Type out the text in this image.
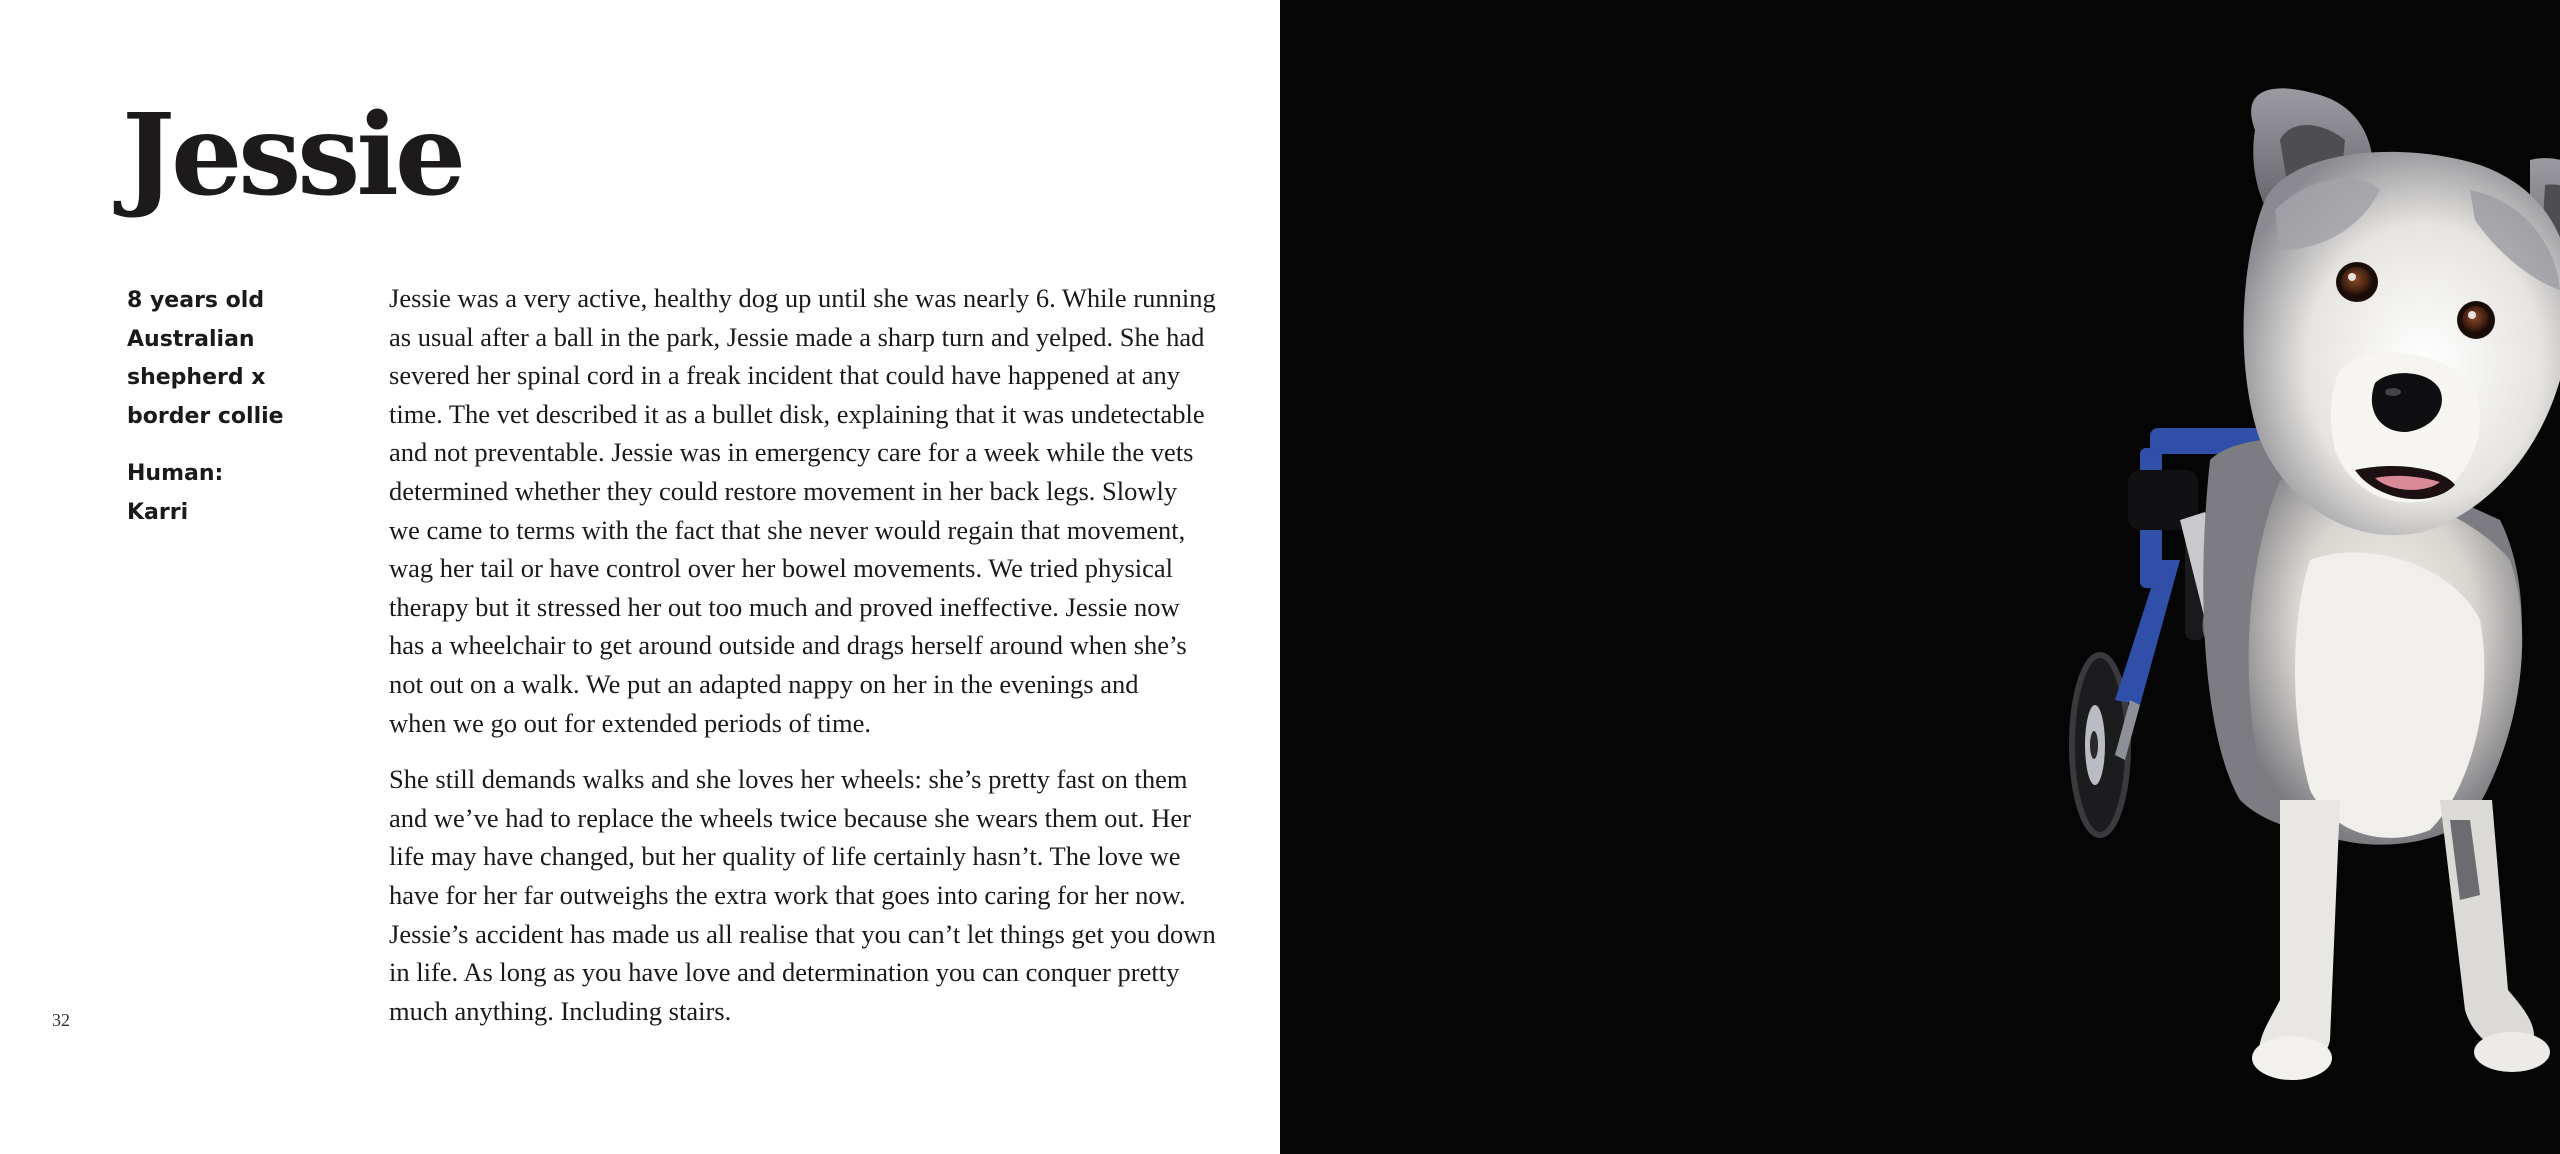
Jessie
8 years old
Australian
shepherd x
border collie
Human:
Karri
Jessie was a very active, healthy dog up until she was nearly 6. While running
as usual after a ball in the park, Jessie made a sharp turn and yelped. She had
severed her spinal cord in a freak incident that could have happened at any
time. The vet described it as a bullet disk, explaining that it was undetectable
and not preventable. Jessie was in emergency care for a week while the vets
determined whether they could restore movement in her back legs. Slowly
we came to terms with the fact that she never would regain that movement,
wag her tail or have control over her bowel movements. We tried physical
therapy but it stressed her out too much and proved ineffective. Jessie now
has a wheelchair to get around outside and drags herself around when she’s
not out on a walk. We put an adapted nappy on her in the evenings and
when we go out for extended periods of time.
She still demands walks and she loves her wheels: she’s pretty fast on them
and we’ve had to replace the wheels twice because she wears them out. Her
life may have changed, but her quality of life certainly hasn’t. The love we
have for her far outweighs the extra work that goes into caring for her now.
Jessie’s accident has made us all realise that you can’t let things get you down
in life. As long as you have love and determination you can conquer pretty
much anything. Including stairs.
32
